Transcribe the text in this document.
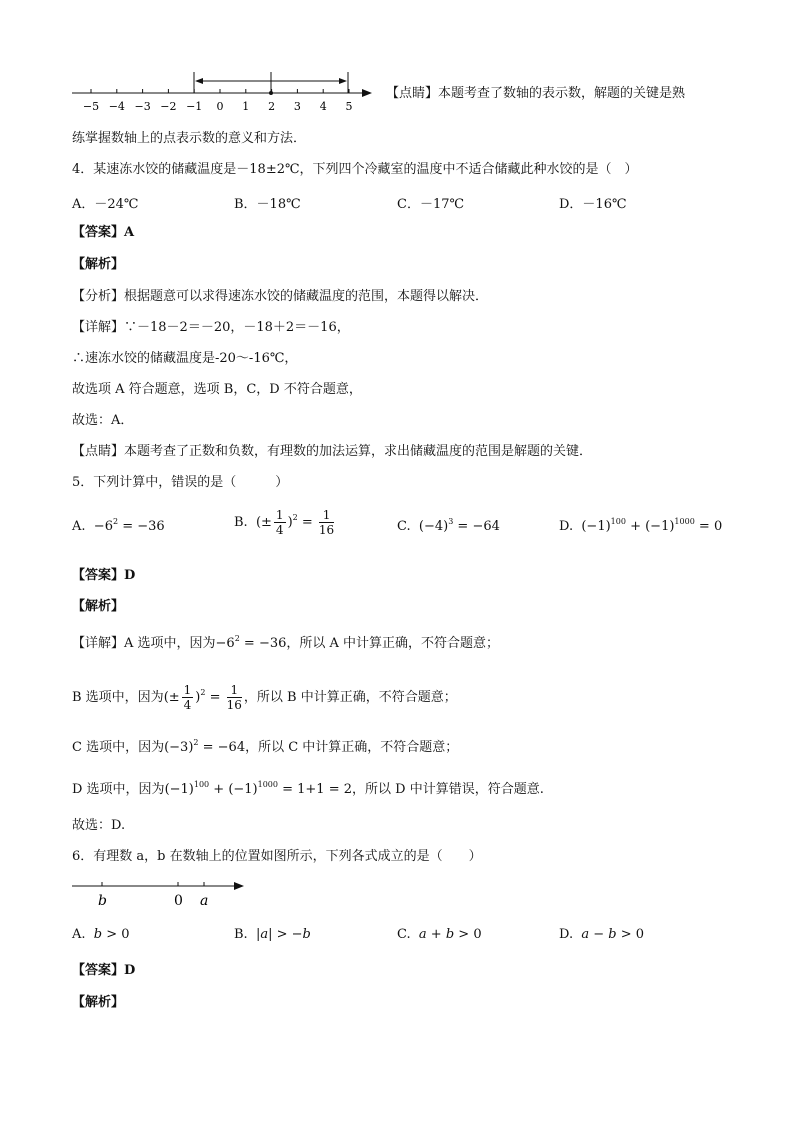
−5 −4 −3 −2 −1 0 1 2 3 4 5
【点睛】本题考查了数轴的表示数，解题的关键是熟
练掌握数轴上的点表示数的意义和方法．
4．某速冻水饺的储藏温度是－18±2℃，下列四个冷藏室的温度中不适合储藏此种水饺的是（　）
A．－24℃	B．－18℃	C．－17℃	D．－16℃
【答案】A
【解析】
【分析】根据题意可以求得速冻水饺的储藏温度的范围，本题得以解决．
【详解】∵－18－2＝－20，－18＋2＝－16，
∴速冻水饺的储藏温度是-20～-16℃，
故选项 A 符合题意，选项 B，C，D 不符合题意，
故选：A．
【点睛】本题考查了正数和负数，有理数的加法运算，求出储藏温度的范围是解题的关键．
5．下列计算中，错误的是（　　　）
A. $-6^2 = -36$	B. (± $\frac{1}{4} )^2 = \frac{1}{16}$	C. $(-4)^3 = -64$	D. $(-1)^{100} + (-1)^{1000} = 0$
【答案】D
【解析】
【详解】A 选项中，因为$-6^2 = -36$，所以 A 中计算正确，不符合题意；
B 选项中，因为(± $\frac{1}{4} )^2 = \frac{1}{16}$ ，所以 B 中计算正确，不符合题意；
C 选项中，因为$(-3)^2 = -64$，所以 C 中计算正确，不符合题意；
D 选项中，因为$(-1)^{100} + (-1)^{1000} = 1+1 = 2$，所以 D 中计算错误，符合题意.
故选：D.
6．有理数 a，b 在数轴上的位置如图所示，下列各式成立的是（　　）
b	0 a
A. b > 0	B. |a| > −b	C. a + b > 0	D. a − b > 0
【答案】D
【解析】
